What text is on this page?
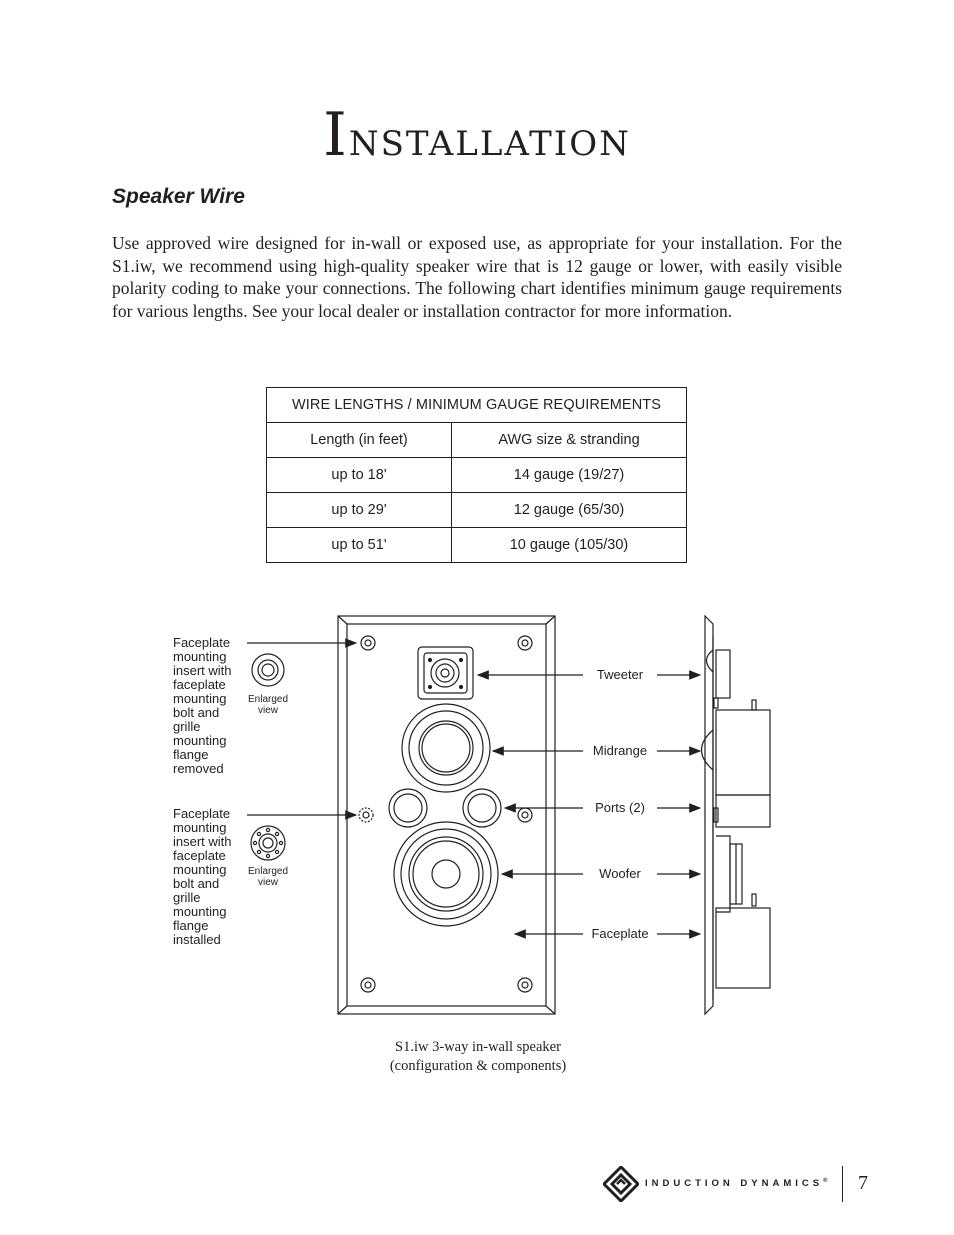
Installation
Speaker Wire

Use approved wire designed for in-wall or exposed use, as appropriate for your installation. For the S1.iw, we recommend using high-quality speaker wire that is 12 gauge or lower, with easily visible polarity coding to make your connections. The following chart identifies minimum gauge requirements for various lengths. See your local dealer or installation contractor for more information.

WIRE LENGTHS / MINIMUM GAUGE REQUIREMENTS	
Length (in feet)	AWG size & stranding
up to 18'	14 gauge (19/27)
up to 29'	12 gauge (65/30)
up to 51'	10 gauge (105/30)
Faceplate
mounting
insert with
faceplate
mounting
bolt and
grille
mounting
flange
removed
Faceplate
mounting
insert with
faceplate
mounting
bolt and
grille
mounting
flange
installed
Enlarged
view
Enlarged
view
Tweeter
Midrange
Ports (2)
Woofer
Faceplate
S1.iw 3-way in-wall speaker
(configuration & components)
INDUCTION DYNAMICS® 7
